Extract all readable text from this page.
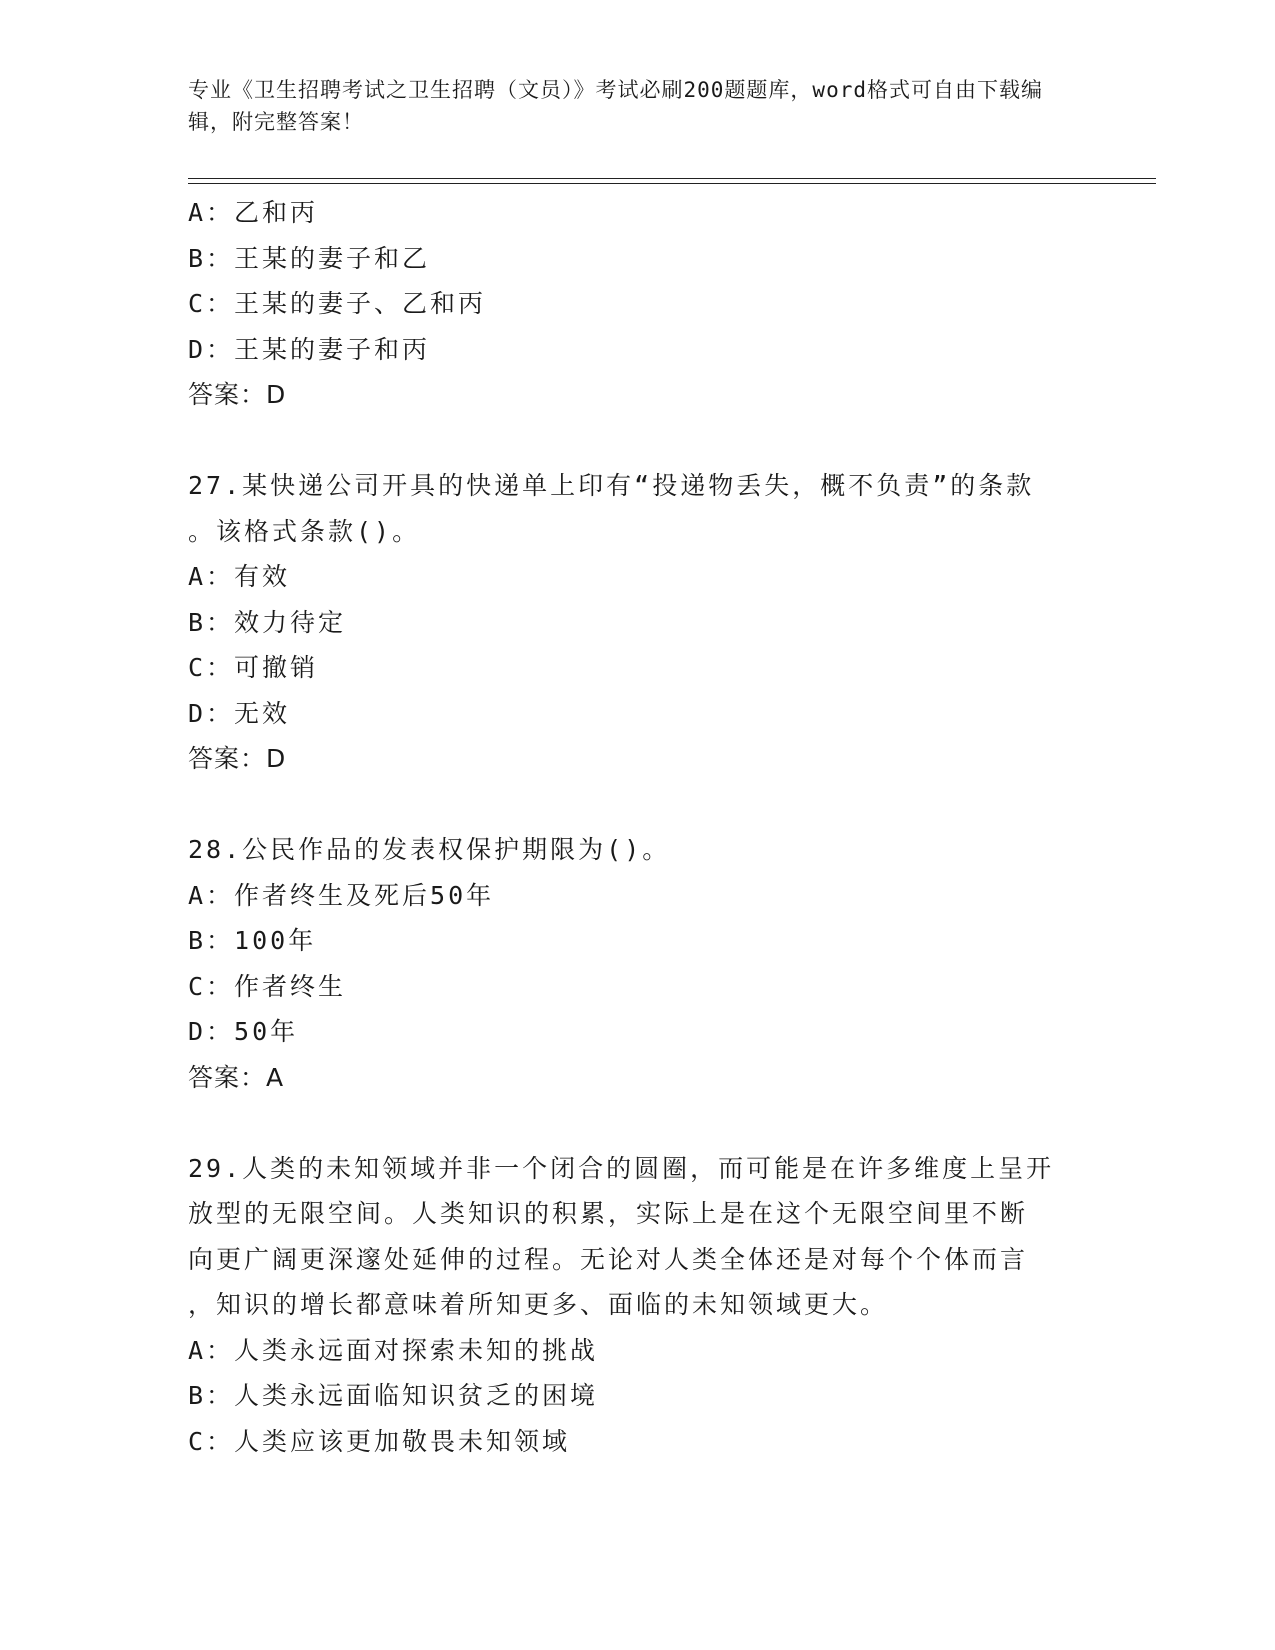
专业《卫生招聘考试之卫生招聘（文员）》考试必刷200题题库，word格式可自由下载编辑，附完整答案！
A：乙和丙
B：王某的妻子和乙
C：王某的妻子、乙和丙
D：王某的妻子和丙
答案：D
27.某快递公司开具的快递单上印有“投递物丢失，概不负责”的条款
。该格式条款()。
A：有效
B：效力待定
C：可撤销
D：无效
答案：D
28.公民作品的发表权保护期限为()。
A：作者终生及死后50年
B：100年
C：作者终生
D：50年
答案：A
29.人类的未知领域并非一个闭合的圆圈，而可能是在许多维度上呈开
放型的无限空间。人类知识的积累，实际上是在这个无限空间里不断
向更广阔更深邃处延伸的过程。无论对人类全体还是对每个个体而言
，知识的增长都意味着所知更多、面临的未知领域更大。
A：人类永远面对探索未知的挑战
B：人类永远面临知识贫乏的困境
C：人类应该更加敬畏未知领域
